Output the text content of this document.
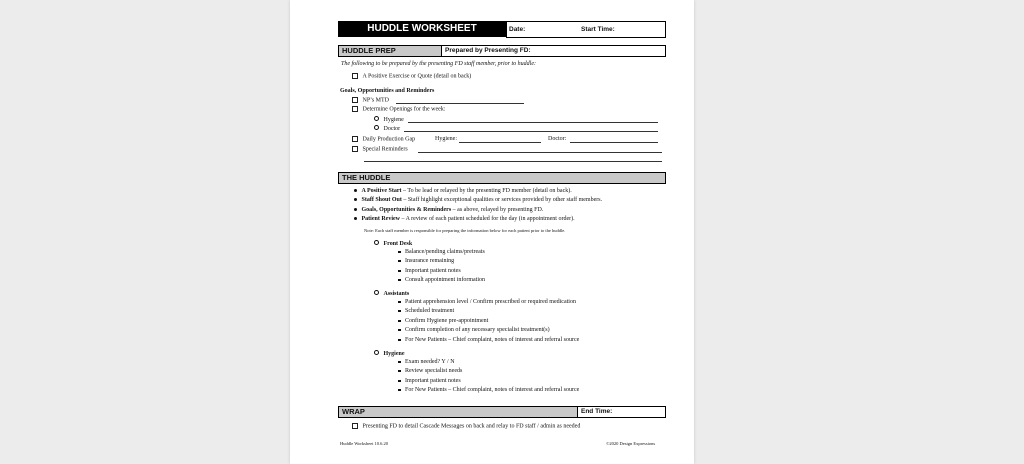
HUDDLE WORKSHEET	Date:	Start Time:
HUDDLE PREP	Prepared by Presenting FD:
The following to be prepared by the presenting FD staff member, prior to huddle:
A Positive Exercise or Quote (detail on back)
Goals, Opportunities and Reminders
NP’s MTD
Determine Openings for the week:
Hygiene
Doctor
Daily Production Gap	Hygiene:	Doctor:
Special Reminders
THE HUDDLE
A Positive Start – To be lead or relayed by the presenting FD member (detail on back).
Staff Shout Out – Staff highlight exceptional qualities or services provided by other staff members.
Goals, Opportunities & Reminders – as above, relayed by presenting FD.
Patient Review – A review of each patient scheduled for the day (in appointment order).
Note: Each staff member is responsible for preparing the information below for each patient prior to the huddle.
Front Desk
Balance/pending claims/pretreats
Insurance remaining
Important patient notes
Consult appointment information
Assistants
Patient apprehension level / Confirm prescribed or required medication
Scheduled treatment
Confirm Hygiene pre-appointment
Confirm completion of any necessary specialist treatment(s)
For New Patients – Chief complaint, notes of interest and referral source
Hygiene
Exam needed? Y / N
Review specialist needs
Important patient notes
For New Patients – Chief complaint, notes of interest and referral source
WRAP	End Time:
Presenting FD to detail Cascade Messages on back and relay to FD staff / admin as needed
Huddle Worksheet 10.6.20	©2020 Design Expressions
